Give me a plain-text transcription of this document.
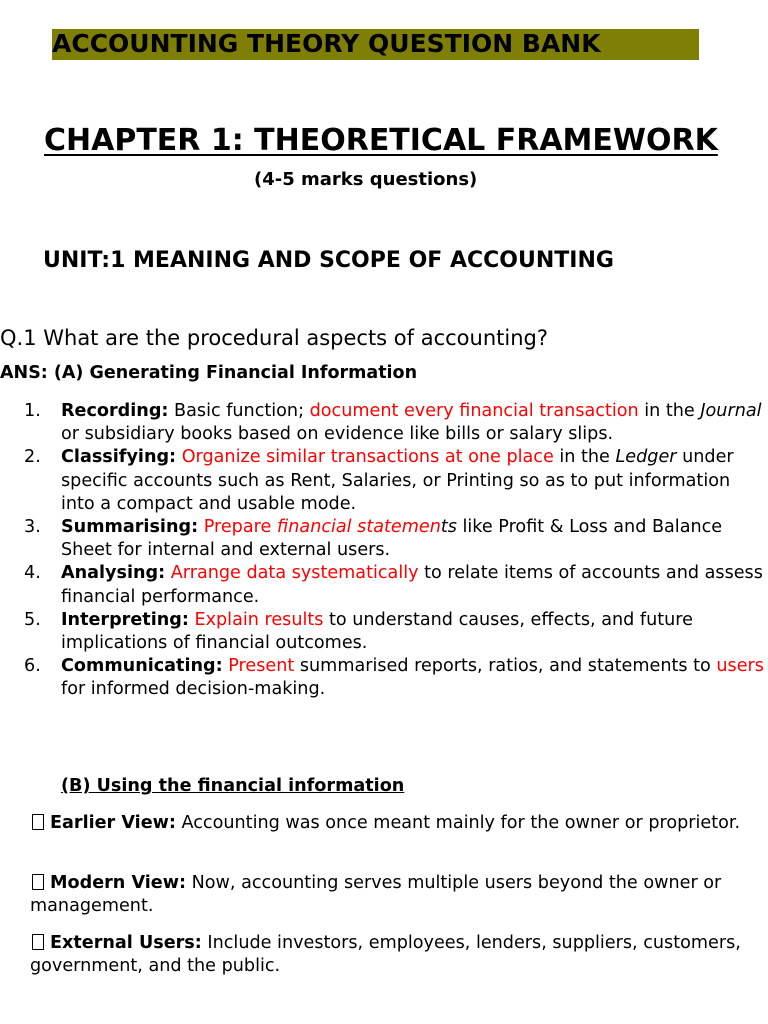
ACCOUNTING THEORY QUESTION BANK
CHAPTER 1: THEORETICAL FRAMEWORK
(4-5 marks questions)
UNIT:1 MEANING AND SCOPE OF ACCOUNTING
Q.1 What are the procedural aspects of accounting?
ANS: (A) Generating Financial Information
1. Recording: Basic function; document every financial transaction in the Journal or subsidiary books based on evidence like bills or salary slips.
2. Classifying: Organize similar transactions at one place in the Ledger under specific accounts such as Rent, Salaries, or Printing so as to put information into a compact and usable mode.
3. Summarising: Prepare financial statements like Profit & Loss and Balance Sheet for internal and external users.
4. Analysing: Arrange data systematically to relate items of accounts and assess financial performance.
5. Interpreting: Explain results to understand causes, effects, and future implications of financial outcomes.
6. Communicating: Present summarised reports, ratios, and statements to users for informed decision-making.
(B) Using the financial information
Earlier View: Accounting was once meant mainly for the owner or proprietor.
Modern View: Now, accounting serves multiple users beyond the owner or management.
External Users: Include investors, employees, lenders, suppliers, customers, government, and the public.
